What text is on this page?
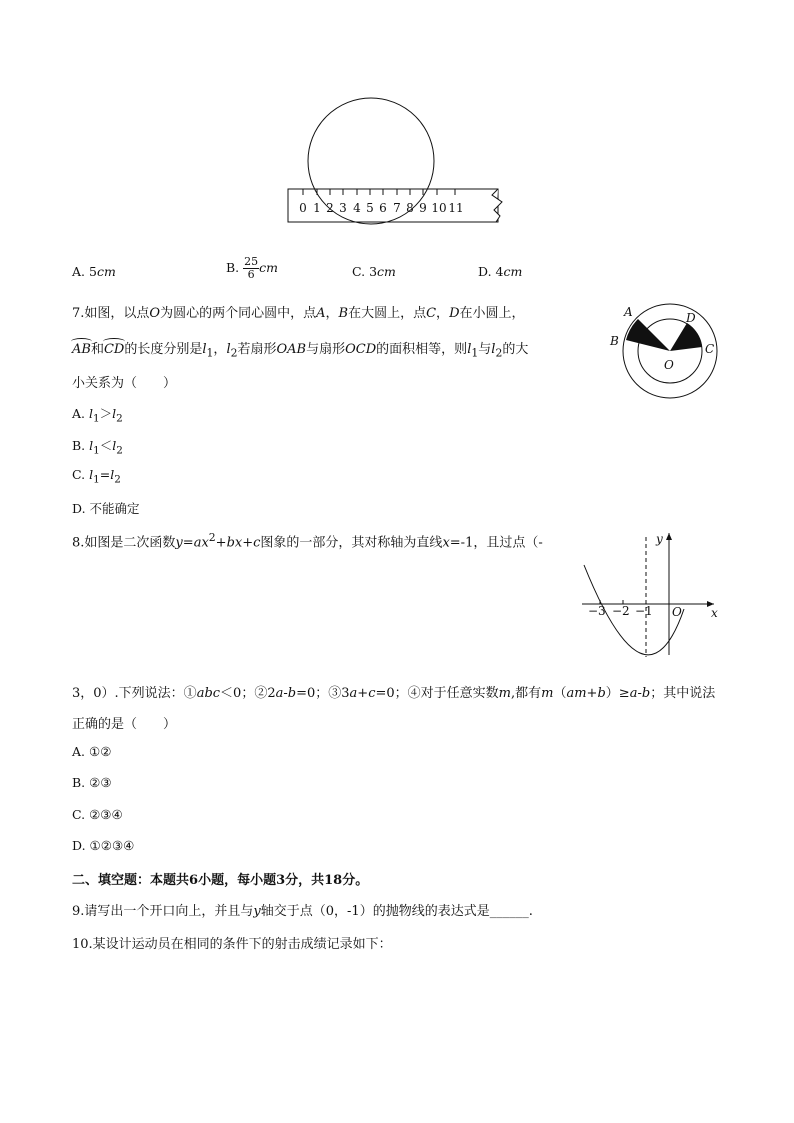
0 1 2 3 4 5 6 7 8 9 10 11
A. 5cm	B. $\frac{25}{6}$ cm	C. 3cm	D. 4cm
7.如图，以点O为圆心的两个同心圆中，点A，B在大圆上，点C，D在小圆上，
AB和CD的长度分别是$l_1$，$l_2$若扇形OAB与扇形OCD的面积相等，则$l_1$与$l_2$的大
小关系为（　　）
A. $l_1>l_2$
B. $l_1<l_2$
C. $l_1=l_2$
D. 不能确定
A
B
D
C
O
8.如图是二次函数$y=ax^2+bx+c$图象的一部分，其对称轴为直线x=-1，且过点（-	y
x
O
−3 −2 −1
3，0）.下列说法：①abc＜0；②2a-b=0；③3a+c=0；④对于任意实数m,都有m（am+b）≥a-b；其中说法
正确的是（　　）
A. ①②
B. ②③
C. ②③④
D. ①②③④
二、填空题：本题共6小题，每小题3分，共18分。
9.请写出一个开口向上，并且与y轴交于点（0，-1）的抛物线的表达式是______.
10.某设计运动员在相同的条件下的射击成绩记录如下：
